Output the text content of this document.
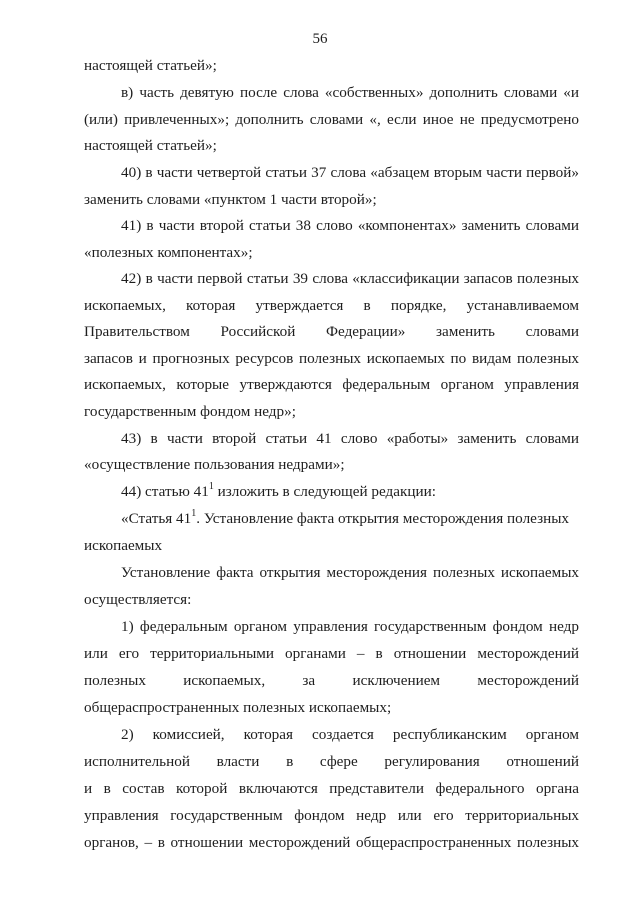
56
настоящей статьей»;
в) часть девятую после слова «собственных» дополнить словами «и
(или) привлеченных»; дополнить словами «, если иное не предусмотрено
настоящей статьей»;
40) в части четвертой статьи 37 слова «абзацем вторым части первой»
заменить словами «пунктом 1 части второй»;
41) в части второй статьи 38 слово «компонентах» заменить словами
«полезных компонентах»;
42) в части первой статьи 39 слова «классификации запасов полезных
ископаемых, которая утверждается в порядке, устанавливаемом
Правительством Российской Федерации» заменить словами
запасов и прогнозных ресурсов полезных ископаемых по видам полезных
ископаемых, которые утверждаются федеральным органом управления
государственным фондом недр»;
43) в части второй статьи 41 слово «работы» заменить словами
«осуществление пользования недрами»;
44) статью $41^1$ изложить в следующей редакции:
«Статья $41^1$. Установление факта открытия месторождения полезных
ископаемых
Установление факта открытия месторождения полезных ископаемых
осуществляется:
1) федеральным органом управления государственным фондом недр
или его территориальными органами – в отношении месторождений
полезных ископаемых, за исключением месторождений
общераспространенных полезных ископаемых;
2) комиссией, которая создается республиканским органом
исполнительной власти в сфере регулирования отношений
и в состав которой включаются представители федерального органа
управления государственным фондом недр или его территориальных
органов, – в отношении месторождений общераспространенных полезных
